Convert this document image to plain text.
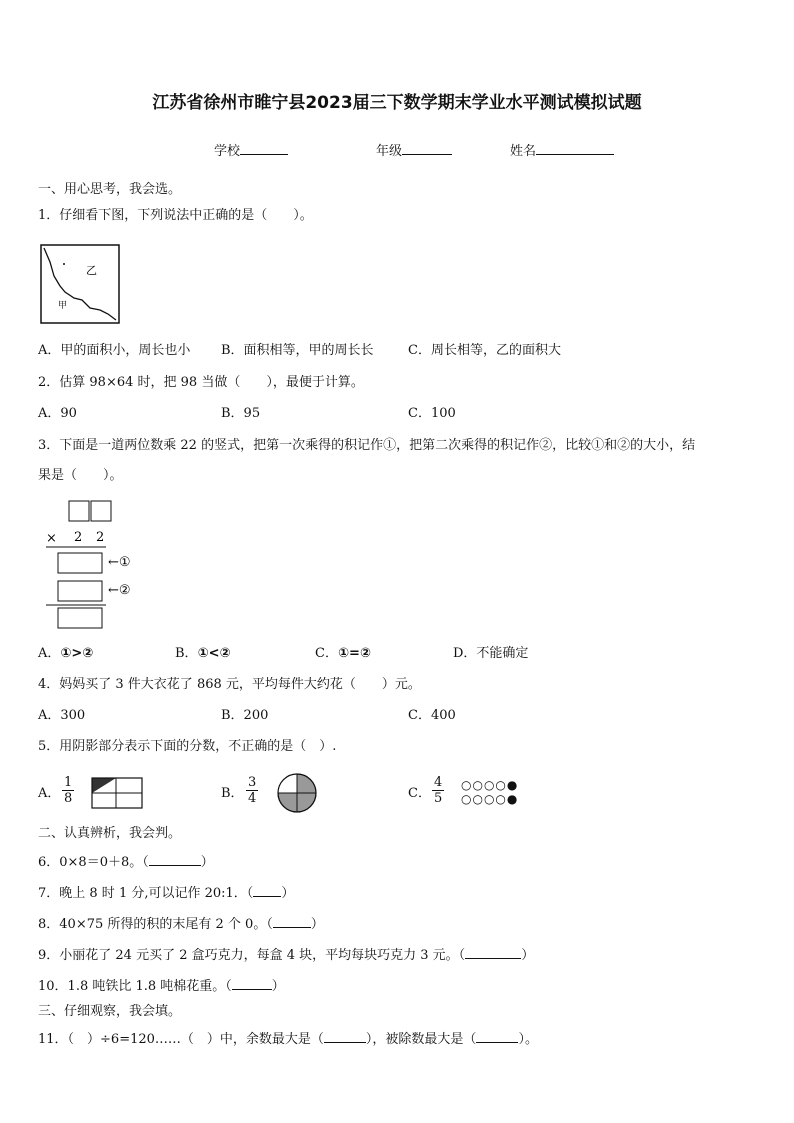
江苏省徐州市睢宁县2023届三下数学期末学业水平测试模拟试题
学校	年级	姓名
一、用心思考，我会选。
1．仔细看下图，下列说法中正确的是（　　）。
乙
甲
A．甲的面积小，周长也小 B．面积相等，甲的周长长	C．周长相等，乙的面积大
2．估算 98×64 时，把 98 当做（　　），最便于计算。
A．90	B．95	C．100
3．下面是一道两位数乘 22 的竖式，把第一次乘得的积记作①，把第二次乘得的积记作②，比较①和②的大小，结
果是（　　）。
× 2 2
←①
←②
A．①>②	B．①<②	C．①=②	D．不能确定
4．妈妈买了 3 件大衣花了 868 元，平均每件大约花（　　）元。
A．300	B．200	C．400
5．用阴影部分表示下面的分数，不正确的是（　）.
A． $\frac{1}{8}$	B． $\frac{3}{4}$	C． $\frac{4}{5}$ ○○○○●
○○○○●
二、认真辨析，我会判。
6．0×8＝0＋8。（	）
7．晚上 8 时 1 分,可以记作 20:1．（ ）
8．40×75 所得的积的末尾有 2 个 0。（	）
9．小丽花了 24 元买了 2 盒巧克力，每盒 4 块，平均每块巧克力 3 元。（	）
10．1.8 吨铁比 1.8 吨棉花重。（	）
三、仔细观察，我会填。
11．（　）÷6=120……（　）中，余数最大是（	），被除数最大是（	）。
